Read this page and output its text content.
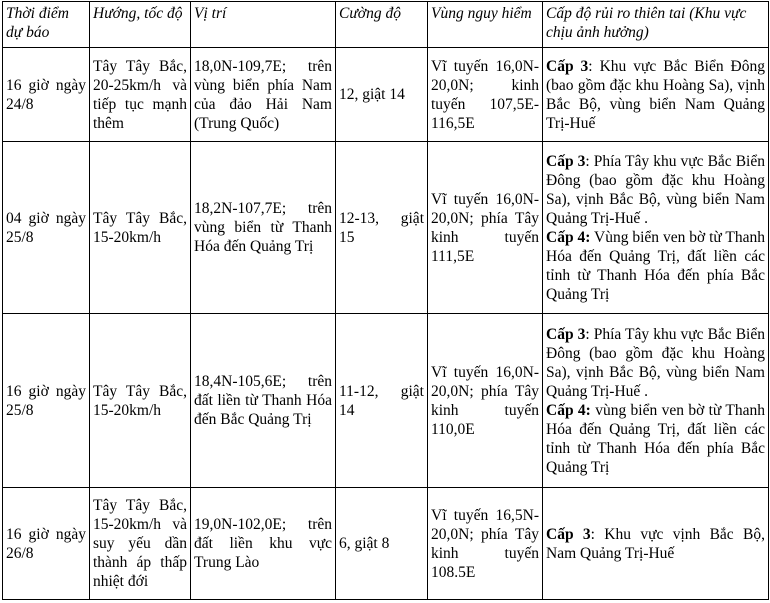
Thời điểm dự báo	Hướng, tốc độ	Vị trí	Cường độ	Vùng nguy hiểm	Cấp độ rủi ro thiên tai (Khu vực chịu ảnh hưởng)
16 giờ ngày 24/8	Tây Tây Bắc, 20-25km/h và tiếp tục mạnh thêm	18,0N-109,7E; trên vùng biển phía Nam của đảo Hải Nam (Trung Quốc)	12, giật 14	Vĩ tuyến 16,0N-20,0N; kinh tuyến 107,5E-116,5E	Cấp 3: Khu vực Bắc Biển Đông (bao gồm đặc khu Hoàng Sa), vịnh Bắc Bộ, vùng biển Nam Quảng Trị-Huế
04 giờ ngày 25/8	Tây Tây Bắc, 15-20km/h	18,2N-107,7E; trên vùng biển từ Thanh Hóa đến Quảng Trị	12-13, giật 15	Vĩ tuyến 16,0N-20,0N; phía Tây kinh tuyến 111,5E	Cấp 3: Phía Tây khu vực Bắc Biển Đông (bao gồm đặc khu Hoàng Sa), vịnh Bắc Bộ, vùng biển Nam Quảng Trị-Huế .
Cấp 4: Vùng biển ven bờ từ Thanh Hóa đến Quảng Trị, đất liền các tỉnh từ Thanh Hóa đến phía Bắc Quảng Trị

16 giờ ngày 25/8	Tây Tây Bắc, 15-20km/h	18,4N-105,6E; trên đất liền từ Thanh Hóa đến Bắc Quảng Trị	11-12, giật 14	Vĩ tuyến 16,0N-20,0N; phía Tây kinh tuyến 110,0E	Cấp 3: Phía Tây khu vực Bắc Biển Đông (bao gồm đặc khu Hoàng Sa), vịnh Bắc Bộ, vùng biển Nam Quảng Trị-Huế .
Cấp 4: vùng biển ven bờ từ Thanh Hóa đến Quảng Trị, đất liền các tỉnh từ Thanh Hóa đến phía Bắc Quảng Trị

16 giờ ngày 26/8	Tây Tây Bắc, 15-20km/h và suy yếu dần thành áp thấp nhiệt đới	19,0N-102,0E; trên đất liền khu vực Trung Lào	6, giật 8	Vĩ tuyến 16,5N-20,0N; phía Tây kinh tuyến 108.5E	Cấp 3: Khu vực vịnh Bắc Bộ, Nam Quảng Trị-Huế
